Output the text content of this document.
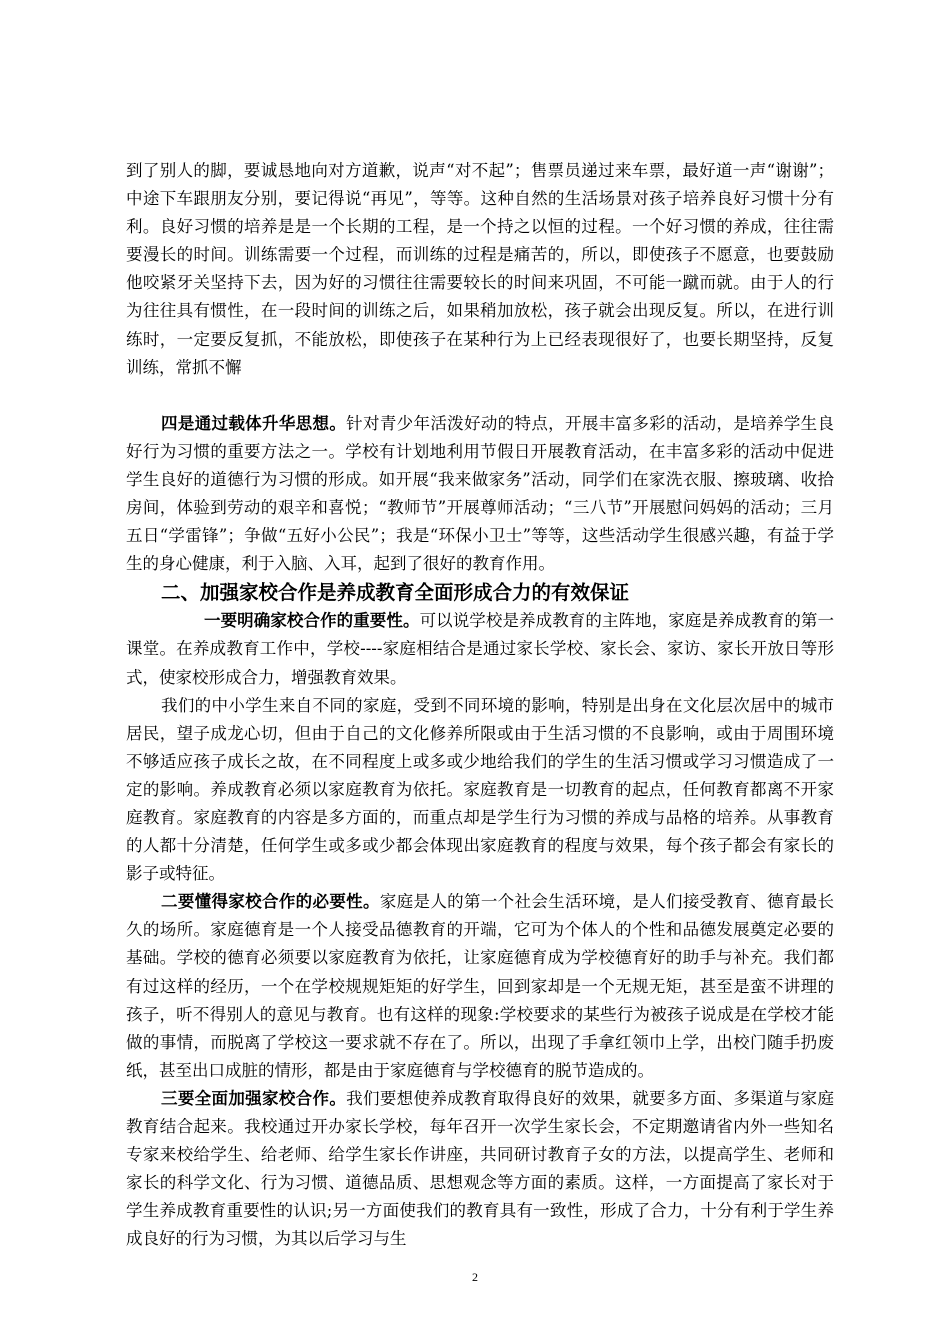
到了别人的脚，要诚恳地向对方道歉，说声“对不起”；售票员递过来车票，最好道一声“谢谢”；中途下车跟朋友分别，要记得说“再见”，等等。这种自然的生活场景对孩子培养良好习惯十分有利。良好习惯的培养是是一个长期的工程，是一个持之以恒的过程。一个好习惯的养成，往往需要漫长的时间。训练需要一个过程，而训练的过程是痛苦的，所以，即使孩子不愿意，也要鼓励他咬紧牙关坚持下去，因为好的习惯往往需要较长的时间来巩固，不可能一蹴而就。由于人的行为往往具有惯性，在一段时间的训练之后，如果稍加放松，孩子就会出现反复。所以，在进行训练时，一定要反复抓，不能放松，即使孩子在某种行为上已经表现很好了，也要长期坚持，反复训练，常抓不懈

四是通过载体升华思想。针对青少年活泼好动的特点，开展丰富多彩的活动，是培养学生良好行为习惯的重要方法之一。学校有计划地利用节假日开展教育活动，在丰富多彩的活动中促进学生良好的道德行为习惯的形成。如开展“我来做家务”活动，同学们在家洗衣服、擦玻璃、收拾房间，体验到劳动的艰辛和喜悦；“教师节”开展尊师活动；“三八节”开展慰问妈妈的活动；三月五日“学雷锋”；争做“五好小公民”；我是“环保小卫士”等等，这些活动学生很感兴趣，有益于学生的身心健康，利于入脑、入耳，起到了很好的教育作用。

二、加强家校合作是养成教育全面形成合力的有效保证

一要明确家校合作的重要性。可以说学校是养成教育的主阵地，家庭是养成教育的第一课堂。在养成教育工作中，学校----家庭相结合是通过家长学校、家长会、家访、家长开放日等形式，使家校形成合力，增强教育效果。

我们的中小学生来自不同的家庭，受到不同环境的影响，特别是出身在文化层次居中的城市居民，望子成龙心切，但由于自己的文化修养所限或由于生活习惯的不良影响，或由于周围环境不够适应孩子成长之故，在不同程度上或多或少地给我们的学生的生活习惯或学习习惯造成了一定的影响。养成教育必须以家庭教育为依托。家庭教育是一切教育的起点，任何教育都离不开家庭教育。家庭教育的内容是多方面的，而重点却是学生行为习惯的养成与品格的培养。从事教育的人都十分清楚，任何学生或多或少都会体现出家庭教育的程度与效果，每个孩子都会有家长的影子或特征。

二要懂得家校合作的必要性。家庭是人的第一个社会生活环境，是人们接受教育、德育最长久的场所。家庭德育是一个人接受品德教育的开端，它可为个体人的个性和品德发展奠定必要的基础。学校的德育必须要以家庭教育为依托，让家庭德育成为学校德育好的助手与补充。我们都有过这样的经历，一个在学校规规矩矩的好学生，回到家却是一个无规无矩，甚至是蛮不讲理的孩子，听不得别人的意见与教育。也有这样的现象:学校要求的某些行为被孩子说成是在学校才能做的事情，而脱离了学校这一要求就不存在了。所以，出现了手拿红领巾上学，出校门随手扔废纸，甚至出口成脏的情形，都是由于家庭德育与学校德育的脱节造成的。

三要全面加强家校合作。我们要想使养成教育取得良好的效果，就要多方面、多渠道与家庭教育结合起来。我校通过开办家长学校，每年召开一次学生家长会，不定期邀请省内外一些知名专家来校给学生、给老师、给学生家长作讲座，共同研讨教育子女的方法，以提高学生、老师和家长的科学文化、行为习惯、道德品质、思想观念等方面的素质。这样，一方面提高了家长对于学生养成教育重要性的认识;另一方面使我们的教育具有一致性，形成了合力，十分有利于学生养成良好的行为习惯，为其以后学习与生

2
